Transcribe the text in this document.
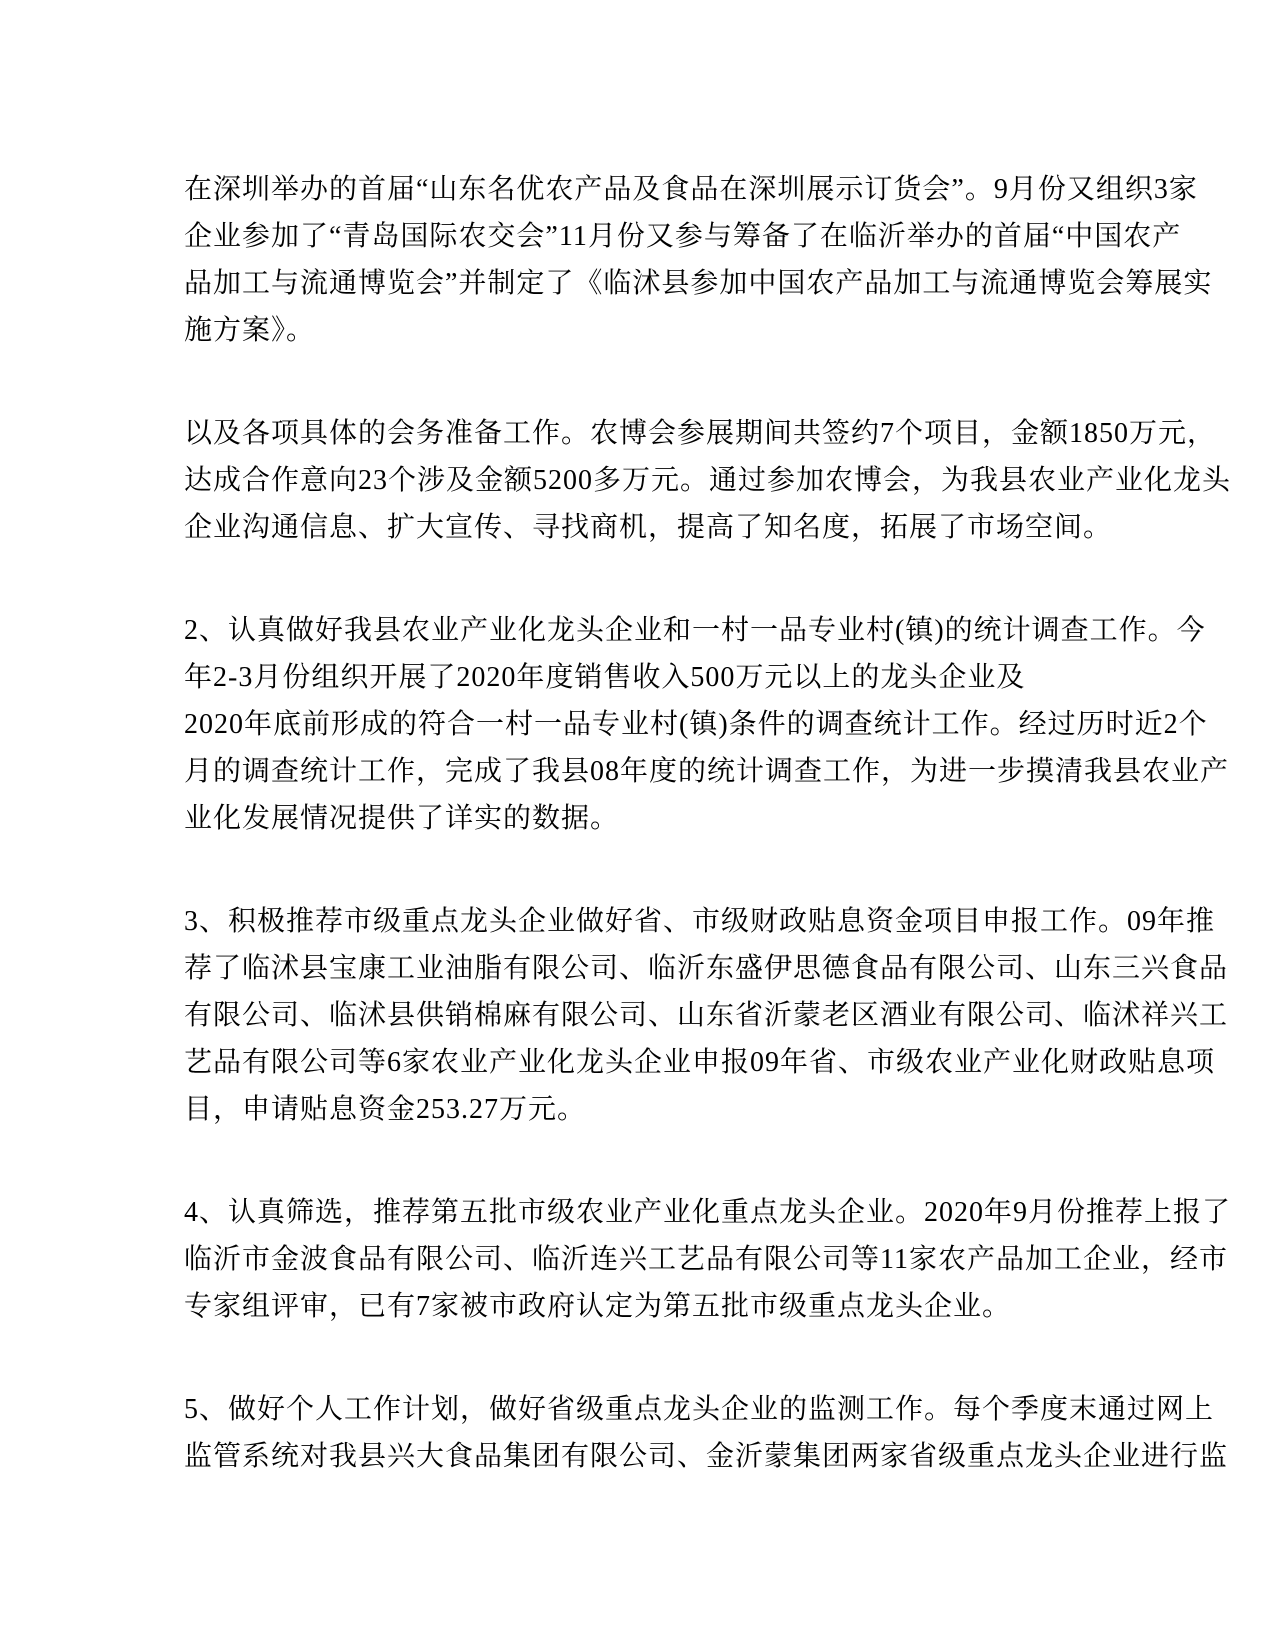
在深圳举办的首届“山东名优农产品及食品在深圳展示订货会”。9月份又组织3家
企业参加了“青岛国际农交会”11月份又参与筹备了在临沂举办的首届“中国农产
品加工与流通博览会”并制定了《临沭县参加中国农产品加工与流通博览会筹展实
施方案》。
以及各项具体的会务准备工作。农博会参展期间共签约7个项目，金额1850万元，
达成合作意向23个涉及金额5200多万元。通过参加农博会，为我县农业产业化龙头
企业沟通信息、扩大宣传、寻找商机，提高了知名度，拓展了市场空间。
2、认真做好我县农业产业化龙头企业和一村一品专业村(镇)的统计调查工作。今
年2-3月份组织开展了2020年度销售收入500万元以上的龙头企业及
2020年底前形成的符合一村一品专业村(镇)条件的调查统计工作。经过历时近2个
月的调查统计工作，完成了我县08年度的统计调查工作，为进一步摸清我县农业产
业化发展情况提供了详实的数据。
3、积极推荐市级重点龙头企业做好省、市级财政贴息资金项目申报工作。09年推
荐了临沭县宝康工业油脂有限公司、临沂东盛伊思德食品有限公司、山东三兴食品
有限公司、临沭县供销棉麻有限公司、山东省沂蒙老区酒业有限公司、临沭祥兴工
艺品有限公司等6家农业产业化龙头企业申报09年省、市级农业产业化财政贴息项
目，申请贴息资金253.27万元。
4、认真筛选，推荐第五批市级农业产业化重点龙头企业。2020年9月份推荐上报了
临沂市金波食品有限公司、临沂连兴工艺品有限公司等11家农产品加工企业，经市
专家组评审，已有7家被市政府认定为第五批市级重点龙头企业。
5、做好个人工作计划，做好省级重点龙头企业的监测工作。每个季度末通过网上
监管系统对我县兴大食品集团有限公司、金沂蒙集团两家省级重点龙头企业进行监
